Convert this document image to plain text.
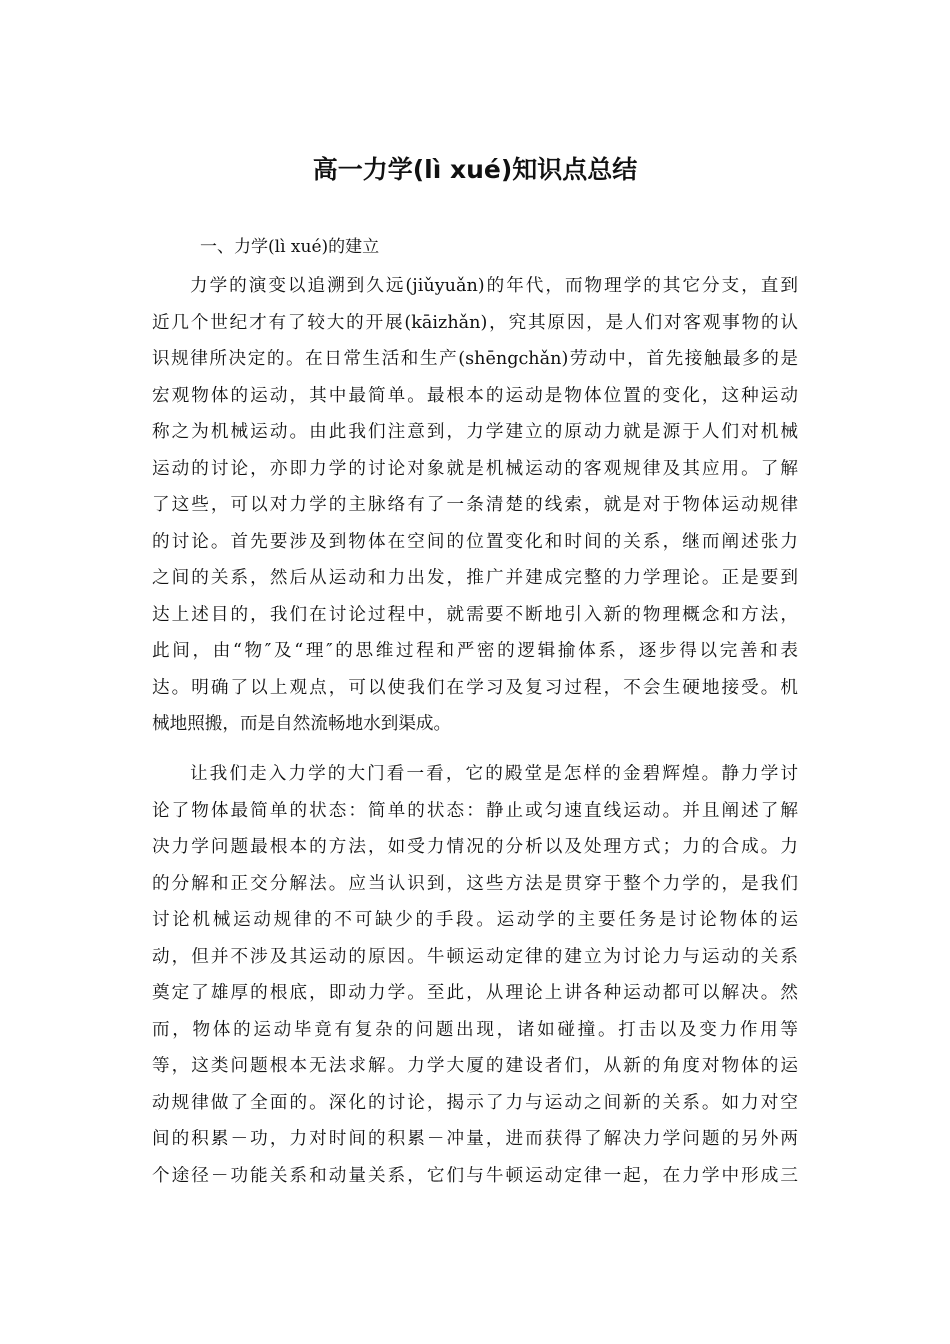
高一力学(lì xué)知识点总结

一、力学(lì xué)的建立

力学的演变以追溯到久远(jiǔyuǎn)的年代，而物理学的其它分支，直到
近几个世纪才有了较大的开展(kāizhǎn)，究其原因，是人们对客观事物的认
识规律所决定的。在日常生活和生产(shēngchǎn)劳动中，首先接触最多的是
宏观物体的运动，其中最简单。最根本的运动是物体位置的变化，这种运动
称之为机械运动。由此我们注意到，力学建立的原动力就是源于人们对机械
运动的讨论，亦即力学的讨论对象就是机械运动的客观规律及其应用。了解
了这些，可以对力学的主脉络有了一条清楚的线索，就是对于物体运动规律
的讨论。首先要涉及到物体在空间的位置变化和时间的关系，继而阐述张力
之间的关系，然后从运动和力出发，推广并建成完整的力学理论。正是要到
达上述目的，我们在讨论过程中，就需要不断地引入新的物理概念和方法，
此间，由“物″及“理″的思维过程和严密的逻辑揄体系，逐步得以完善和表
达。明确了以上观点，可以使我们在学习及复习过程，不会生硬地接受。机
械地照搬，而是自然流畅地水到渠成。
让我们走入力学的大门看一看，它的殿堂是怎样的金碧辉煌。静力学讨
论了物体最简单的状态：简单的状态：静止或匀速直线运动。并且阐述了解
决力学问题最根本的方法，如受力情况的分析以及处理方式；力的合成。力
的分解和正交分解法。应当认识到，这些方法是贯穿于整个力学的，是我们
讨论机械运动规律的不可缺少的手段。运动学的主要任务是讨论物体的运
动，但并不涉及其运动的原因。牛顿运动定律的建立为讨论力与运动的关系
奠定了雄厚的根底，即动力学。至此，从理论上讲各种运动都可以解决。然
而，物体的运动毕竟有复杂的问题出现，诸如碰撞。打击以及变力作用等
等，这类问题根本无法求解。力学大厦的建设者们，从新的角度对物体的运
动规律做了全面的。深化的讨论，揭示了力与运动之间新的关系。如力对空
间的积累－功，力对时间的积累－冲量，进而获得了解决力学问题的另外两
个途径－功能关系和动量关系，它们与牛顿运动定律一起，在力学中形成三
